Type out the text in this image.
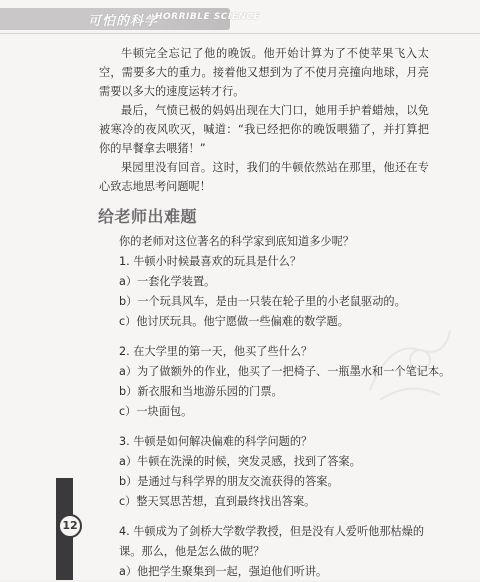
可怕的科学
HORRIBLE SCIENCE

牛顿完全忘记了他的晚饭。他开始计算为了不使苹果飞入太空，需要多大的重力。接着他又想到为了不使月亮撞向地球，月亮需要以多大的速度运转才行。

最后，气愤已极的妈妈出现在大门口，她用手护着蜡烛，以免被寒冷的夜风吹灭，喊道：“我已经把你的晚饭喂猫了，并打算把你的早餐拿去喂猪！”

果园里没有回音。这时，我们的牛顿依然站在那里，他还在专心致志地思考问题呢！

给老师出难题
你的老师对这位著名的科学家到底知道多少呢？
1. 牛顿小时候最喜欢的玩具是什么？
a）一套化学装置。
b）一个玩具风车，是由一只装在轮子里的小老鼠驱动的。
c）他讨厌玩具。他宁愿做一些偏难的数学题。
2. 在大学里的第一天，他买了些什么？
a）为了做额外的作业，他买了一把椅子、一瓶墨水和一个笔记本。
b）新衣服和当地游乐园的门票。
c）一块面包。
3. 牛顿是如何解决偏难的科学问题的？
a）牛顿在洗澡的时候，突发灵感，找到了答案。
b）是通过与科学界的朋友交流获得的答案。
c）整天冥思苦想，直到最终找出答案。
4. 牛顿成为了剑桥大学数学教授，但是没有人爱听他那枯燥的课。那么，他是怎么做的呢？
a）他把学生聚集到一起，强迫他们听讲。
12
